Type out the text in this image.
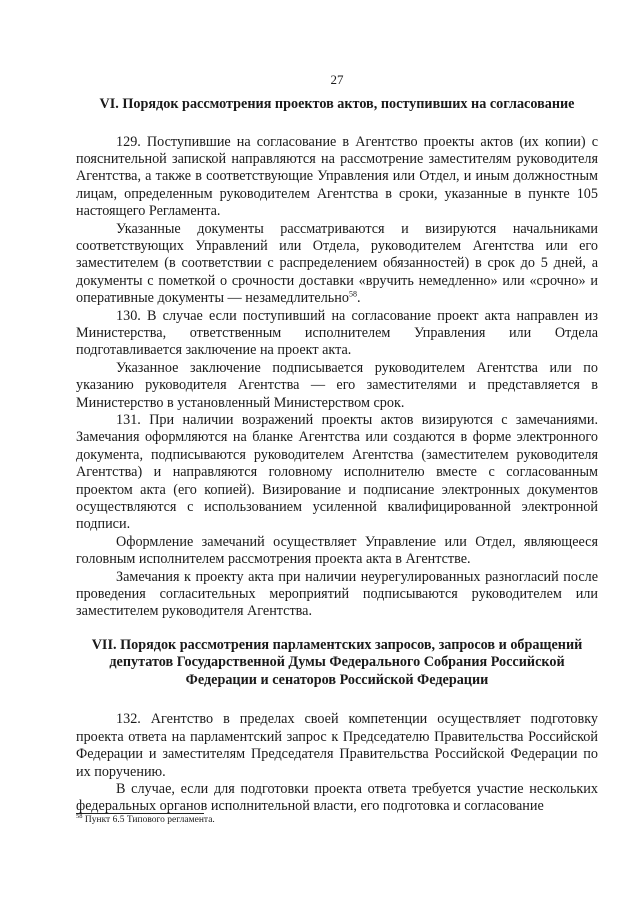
27
VI. Порядок рассмотрения проектов актов, поступивших на согласование

129. Поступившие на согласование в Агентство проекты актов (их копии) с пояснительной запиской направляются на рассмотрение заместителям руководителя Агентства, а также в соответствующие Управления или Отдел, и иным должностным лицам, определенным руководителем Агентства в сроки, указанные в пункте 105 настоящего Регламента.

Указанные документы рассматриваются и визируются начальниками соответствующих Управлений или Отдела, руководителем Агентства или его заместителем (в соответствии с распределением обязанностей) в срок до 5 дней, а документы с пометкой о срочности доставки «вручить немедленно» или «срочно» и оперативные документы — незамедлительно$^{58}$.

130. В случае если поступивший на согласование проект акта направлен из Министерства, ответственным исполнителем Управления или Отдела подготавливается заключение на проект акта.

Указанное заключение подписывается руководителем Агентства или по указанию руководителя Агентства — его заместителями и представляется в Министерство в установленный Министерством срок.

131. При наличии возражений проекты актов визируются с замечаниями. Замечания оформляются на бланке Агентства или создаются в форме электронного документа, подписываются руководителем Агентства (заместителем руководителя Агентства) и направляются головному исполнителю вместе с согласованным проектом акта (его копией). Визирование и подписание электронных документов осуществляются с использованием усиленной квалифицированной электронной подписи.

Оформление замечаний осуществляет Управление или Отдел, являющееся головным исполнителем рассмотрения проекта акта в Агентстве.

Замечания к проекту акта при наличии неурегулированных разногласий после проведения согласительных мероприятий подписываются руководителем или заместителем руководителя Агентства.

VII. Порядок рассмотрения парламентских запросов, запросов и обращений депутатов Государственной Думы Федерального Собрания Российской Федерации и сенаторов Российской Федерации

132. Агентство в пределах своей компетенции осуществляет подготовку проекта ответа на парламентский запрос к Председателю Правительства Российской Федерации и заместителям Председателя Правительства Российской Федерации по их поручению.

В случае, если для подготовки проекта ответа требуется участие нескольких федеральных органов исполнительной власти, его подготовка и согласование

$^{58}$ Пункт 6.5 Типового регламента.
